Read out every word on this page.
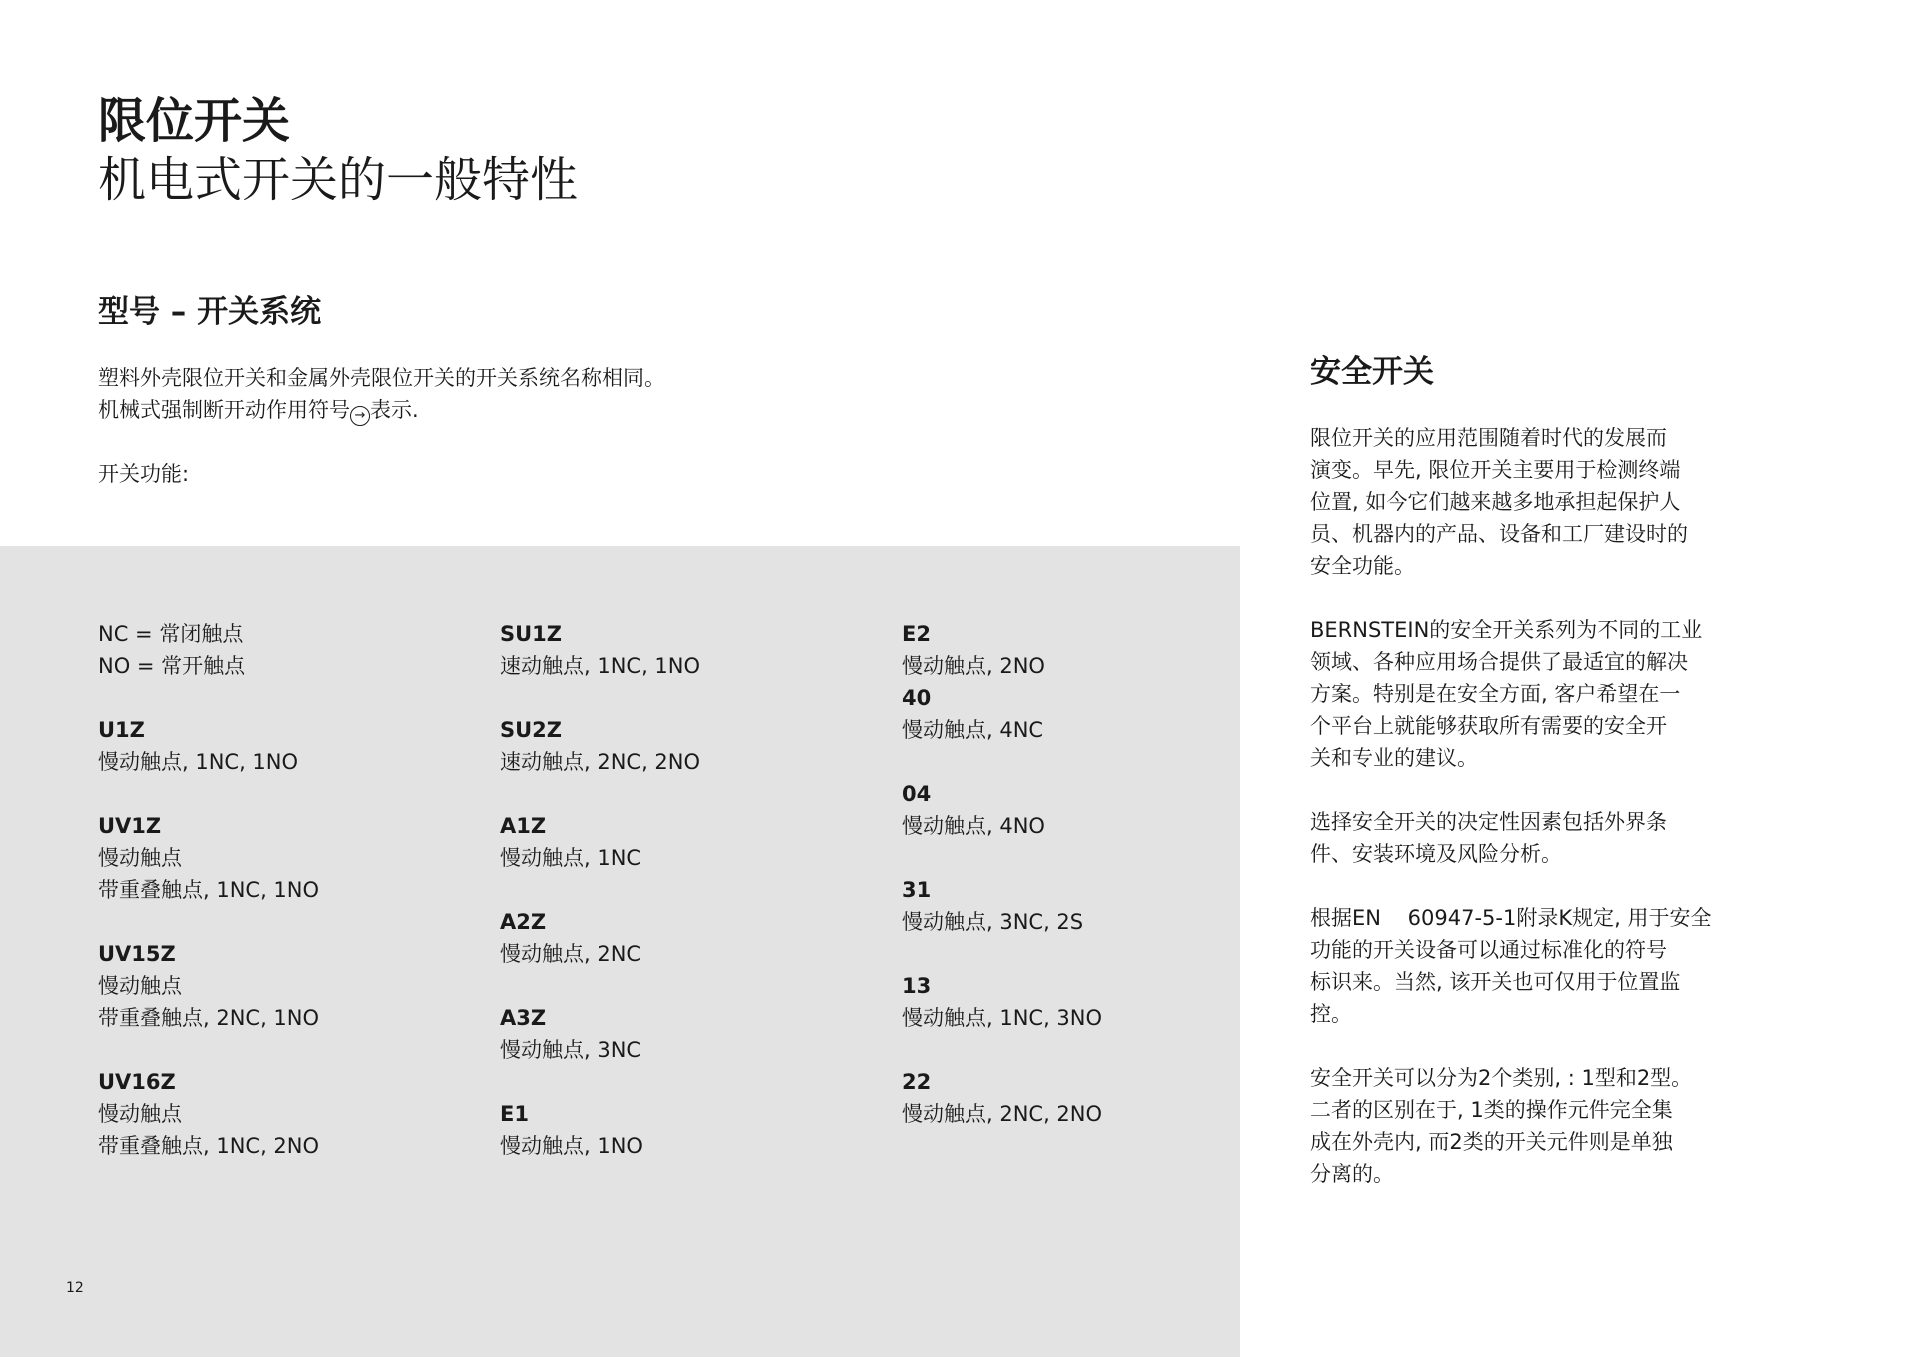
限位开关
机电式开关的一般特性
型号 – 开关系统

塑料外壳限位开关和金属外壳限位开关的开关系统名称相同。

机械式强制断开动作用符号 → 表示.

开关功能:

NC = 常闭触点
NO = 常开触点
U1Z
慢动触点, 1NC, 1NO
UV1Z
慢动触点
带重叠触点, 1NC, 1NO
UV15Z
慢动触点
带重叠触点, 2NC, 1NO
UV16Z
慢动触点
带重叠触点, 1NC, 2NO
SU1Z
速动触点, 1NC, 1NO
SU2Z
速动触点, 2NC, 2NO
A1Z
慢动触点, 1NC
A2Z
慢动触点, 2NC
A3Z
慢动触点, 3NC
E1
慢动触点, 1NO
E2
慢动触点, 2NO
40
慢动触点, 4NC
04
慢动触点, 4NO
31
慢动触点, 3NC, 2S
13
慢动触点, 1NC, 3NO
22
慢动触点, 2NC, 2NO
12
安全开关

限位开关的应用范围随着时代的发展而
演变。早先, 限位开关主要用于检测终端
位置, 如今它们越来越多地承担起保护人
员、机器内的产品、设备和工厂建设时的
安全功能。

BERNSTEIN的安全开关系列为不同的工业
领域、各种应用场合提供了最适宜的解决
方案。特别是在安全方面, 客户希望在一
个平台上就能够获取所有需要的安全开
关和专业的建议。

选择安全开关的决定性因素包括外界条
件、安装环境及风险分析。

根据EN    60947-5-1附录K规定, 用于安全
功能的开关设备可以通过标准化的符号
标识来。当然, 该开关也可仅用于位置监
控。

安全开关可以分为2个类别, : 1型和2型。
二者的区别在于, 1类的操作元件完全集
成在外壳内, 而2类的开关元件则是单独
分离的。
